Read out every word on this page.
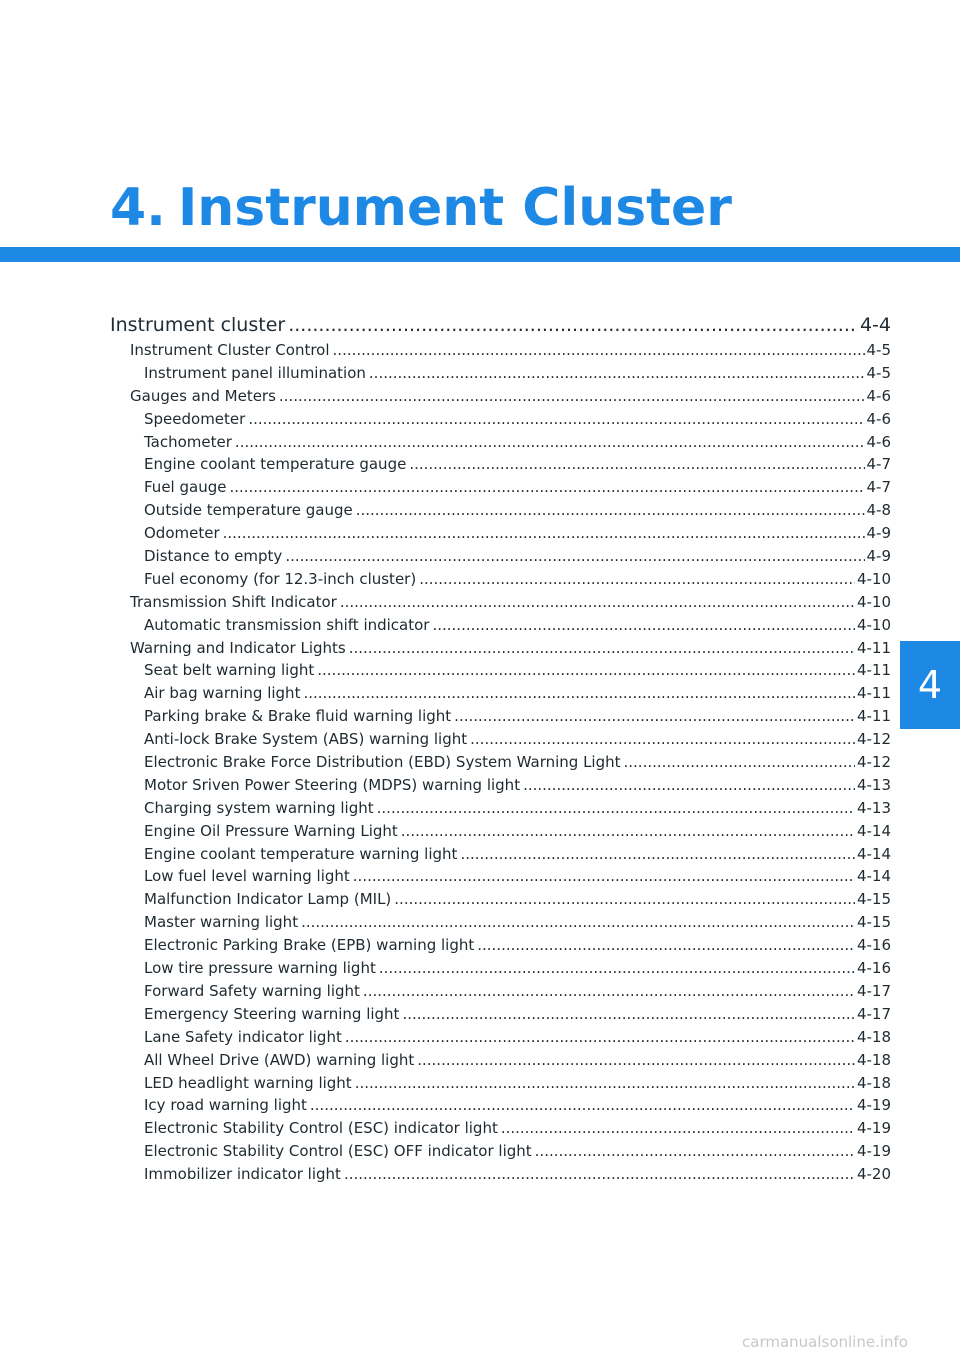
4. Instrument Cluster
Instrument cluster .....	4-4
Instrument Cluster Control .....	4-5
Instrument panel illumination .....	4-5
Gauges and Meters .....	4-6
Speedometer .....	4-6
Tachometer .....	4-6
Engine coolant temperature gauge .....	4-7
Fuel gauge .....	4-7
Outside temperature gauge .....	4-8
Odometer .....	4-9
Distance to empty .....	4-9
Fuel economy (for 12.3-inch cluster) .....	4-10
Transmission Shift Indicator .....	4-10
Automatic transmission shift indicator .....	4-10
Warning and Indicator Lights .....	4-11
Seat belt warning light .....	4-11
Air bag warning light .....	4-11
Parking brake & Brake fluid warning light .....	4-11
Anti-lock Brake System (ABS) warning light .....	4-12
Electronic Brake Force Distribution (EBD) System Warning Light .....	4-12
Motor Sriven Power Steering (MDPS) warning light .....	4-13
Charging system warning light .....	4-13
Engine Oil Pressure Warning Light .....	4-14
Engine coolant temperature warning light .....	4-14
Low fuel level warning light .....	4-14
Malfunction Indicator Lamp (MIL) .....	4-15
Master warning light .....	4-15
Electronic Parking Brake (EPB) warning light .....	4-16
Low tire pressure warning light .....	4-16
Forward Safety warning light .....	4-17
Emergency Steering warning light .....	4-17
Lane Safety indicator light .....	4-18
All Wheel Drive (AWD) warning light .....	4-18
LED headlight warning light .....	4-18
Icy road warning light .....	4-19
Electronic Stability Control (ESC) indicator light .....	4-19
Electronic Stability Control (ESC) OFF indicator light .....	4-19
Immobilizer indicator light .....	4-20
4
carmanualsonline.info
